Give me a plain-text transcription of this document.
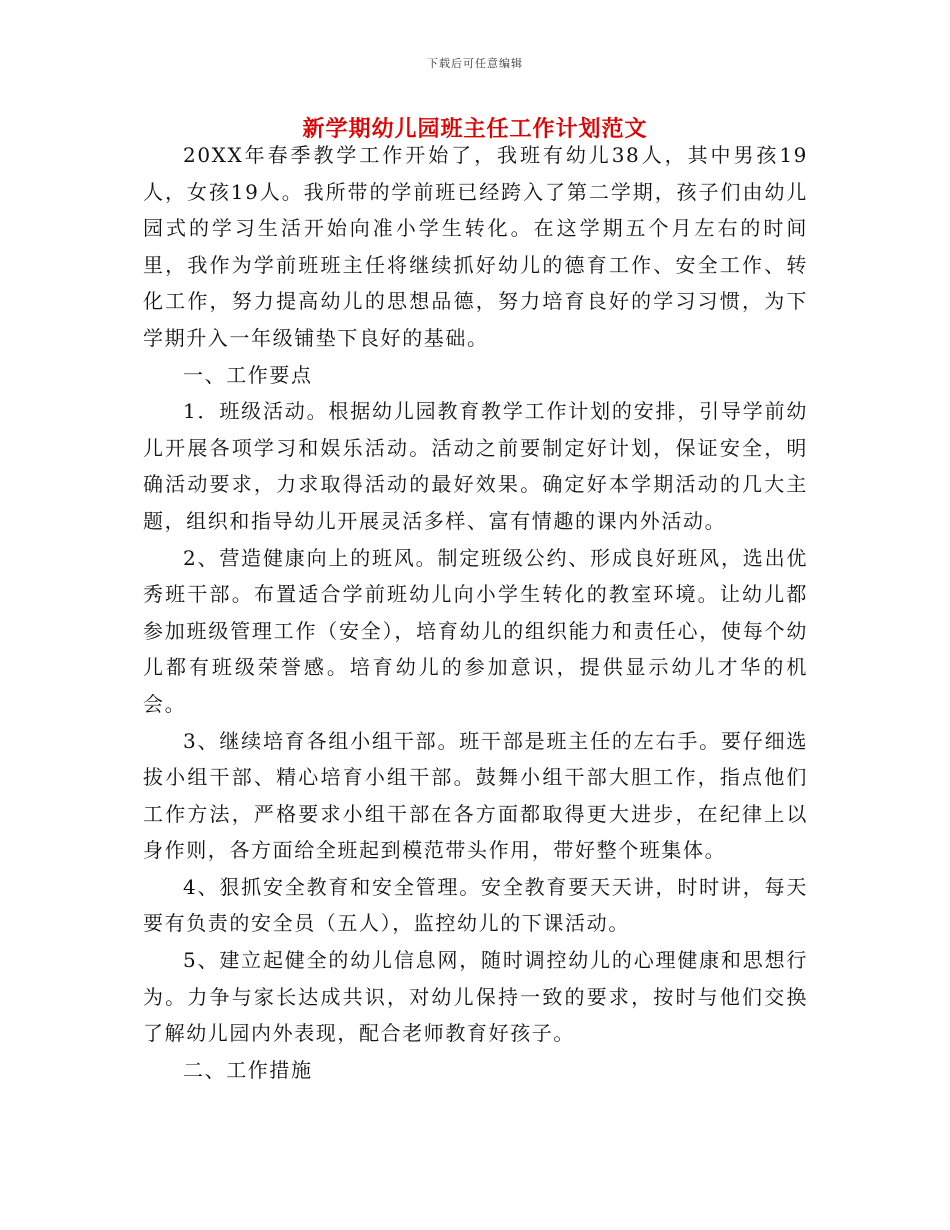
下载后可任意编辑
新学期幼儿园班主任工作计划范文

20XX年春季教学工作开始了，我班有幼儿38人，其中男孩19人，女孩19人。我所带的学前班已经跨入了第二学期，孩子们由幼儿园式的学习生活开始向准小学生转化。在这学期五个月左右的时间里，我作为学前班班主任将继续抓好幼儿的德育工作、安全工作、转化工作，努力提高幼儿的思想品德，努力培育良好的学习习惯，为下学期升入一年级铺垫下良好的基础。

一、工作要点

1．班级活动。根据幼儿园教育教学工作计划的安排，引导学前幼儿开展各项学习和娱乐活动。活动之前要制定好计划，保证安全，明确活动要求，力求取得活动的最好效果。确定好本学期活动的几大主题，组织和指导幼儿开展灵活多样、富有情趣的课内外活动。

2、营造健康向上的班风。制定班级公约、形成良好班风，选出优秀班干部。布置适合学前班幼儿向小学生转化的教室环境。让幼儿都参加班级管理工作（安全），培育幼儿的组织能力和责任心，使每个幼儿都有班级荣誉感。培育幼儿的参加意识，提供显示幼儿才华的机会。

3、继续培育各组小组干部。班干部是班主任的左右手。要仔细选拔小组干部、精心培育小组干部。鼓舞小组干部大胆工作，指点他们工作方法，严格要求小组干部在各方面都取得更大进步，在纪律上以身作则，各方面给全班起到模范带头作用，带好整个班集体。

4、狠抓安全教育和安全管理。安全教育要天天讲，时时讲，每天要有负责的安全员（五人），监控幼儿的下课活动。

5、建立起健全的幼儿信息网，随时调控幼儿的心理健康和思想行为。力争与家长达成共识，对幼儿保持一致的要求，按时与他们交换了解幼儿园内外表现，配合老师教育好孩子。

二、工作措施
